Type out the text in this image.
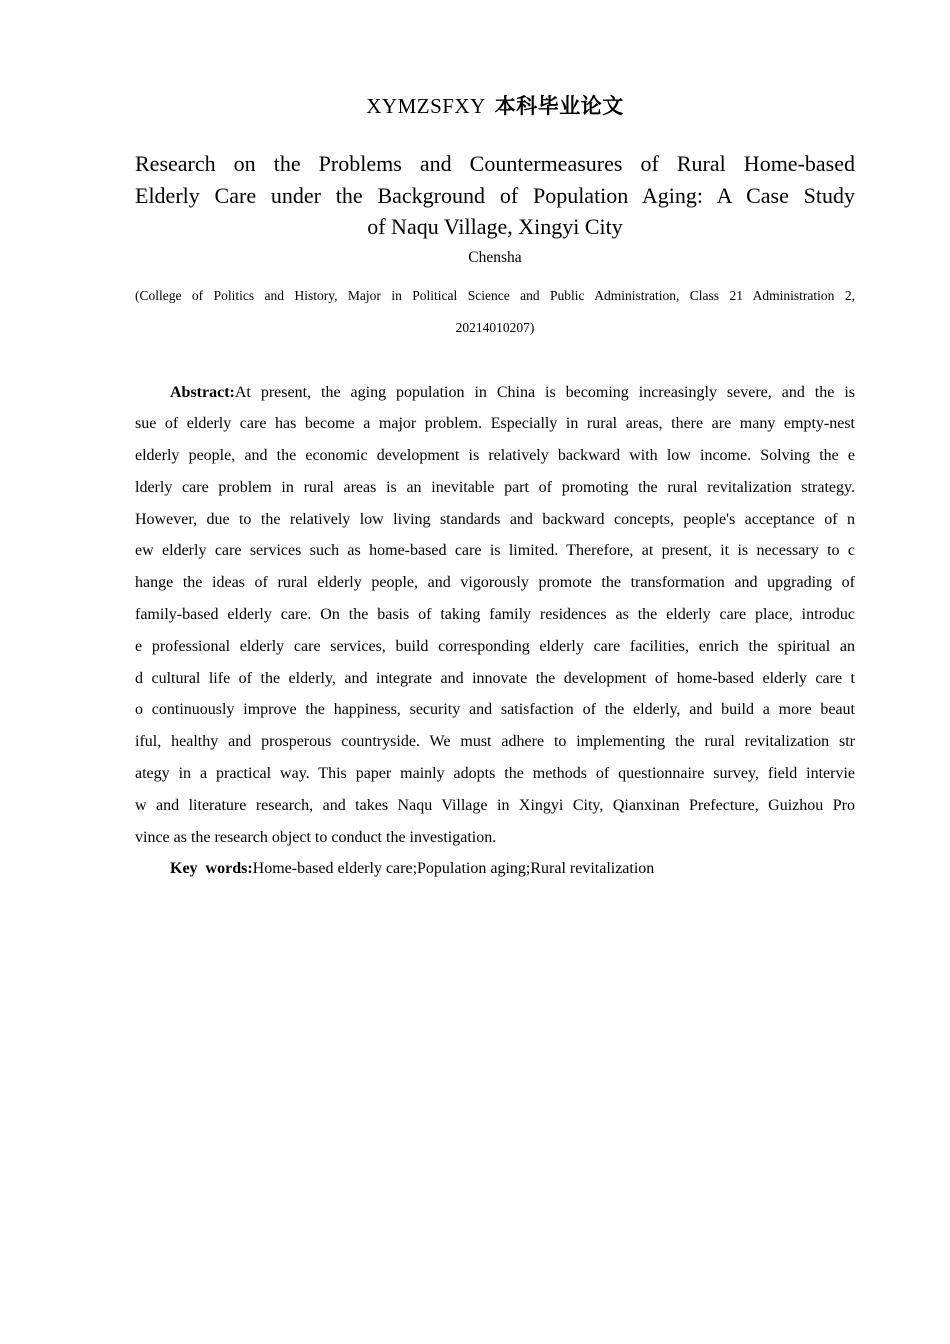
XYMZSFXY 本科毕业论文
Research on the Problems and Countermeasures of Rural Home-based
Elderly Care under the Background of Population Aging: A Case Study
of Naqu Village, Xingyi City
Chensha
(College of Politics and History, Major in Political Science and Public Administration, Class 21 Administration 2,
20214010207)
Abstract:At present, the aging population in China is becoming increasingly severe, and the is
sue of elderly care has become a major problem. Especially in rural areas, there are many empty-nest
elderly people, and the economic development is relatively backward with low income. Solving the e
lderly care problem in rural areas is an inevitable part of promoting the rural revitalization strategy.
However, due to the relatively low living standards and backward concepts, people's acceptance of n
ew elderly care services such as home-based care is limited. Therefore, at present, it is necessary to c
hange the ideas of rural elderly people, and vigorously promote the transformation and upgrading of
family-based elderly care. On the basis of taking family residences as the elderly care place, introduc
e professional elderly care services, build corresponding elderly care facilities, enrich the spiritual an
d cultural life of the elderly, and integrate and innovate the development of home-based elderly care t
o continuously improve the happiness, security and satisfaction of the elderly, and build a more beaut
iful, healthy and prosperous countryside. We must adhere to implementing the rural revitalization str
ategy in a practical way. This paper mainly adopts the methods of questionnaire survey, field intervie
w and literature research, and takes Naqu Village in Xingyi City, Qianxinan Prefecture, Guizhou Pro
vince as the research object to conduct the investigation.
Key  words:Home-based elderly care;Population aging;Rural revitalization
